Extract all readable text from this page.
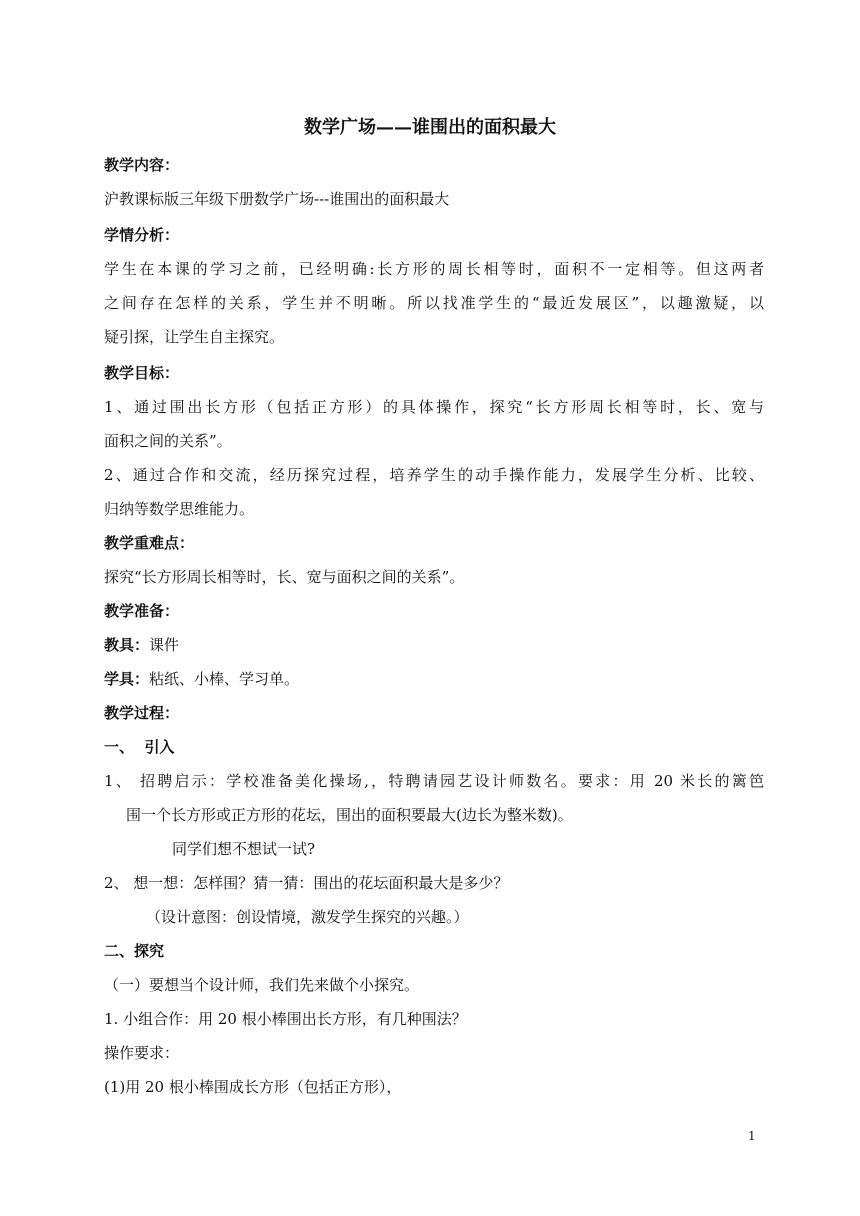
数学广场——谁围出的面积最大

教学内容：

沪教课标版三年级下册数学广场---谁围出的面积最大

学情分析：

学生在本课的学习之前，已经明确:长方形的周长相等时，面积不一定相等。但这两者

之间存在怎样的关系，学生并不明晰。所以找准学生的“最近发展区”，以趣激疑，以

疑引探，让学生自主探究。

教学目标：

1、通过围出长方形（包括正方形）的具体操作，探究“长方形周长相等时，长、宽与

面积之间的关系”。

2、通过合作和交流，经历探究过程，培养学生的动手操作能力，发展学生分析、比较、

归纳等数学思维能力。

教学重难点：

探究“长方形周长相等时，长、宽与面积之间的关系”。

教学准备：

教具：课件

学具：粘纸、小棒、学习单。

教学过程：

一、  引入

1、 招聘启示：学校准备美化操场,，特聘请园艺设计师数名。要求：用 20 米长的篱笆

围一个长方形或正方形的花坛，围出的面积要最大(边长为整米数)。

同学们想不想试一试?

2、 想一想：怎样围？猜一猜：围出的花坛面积最大是多少？

（设计意图：创设情境，激发学生探究的兴趣。）

二、探究

（一）要想当个设计师，我们先来做个小探究。

1. 小组合作：用 20 根小棒围出长方形，有几种围法？

操作要求：

(1)用 20 根小棒围成长方形（包括正方形），

1
